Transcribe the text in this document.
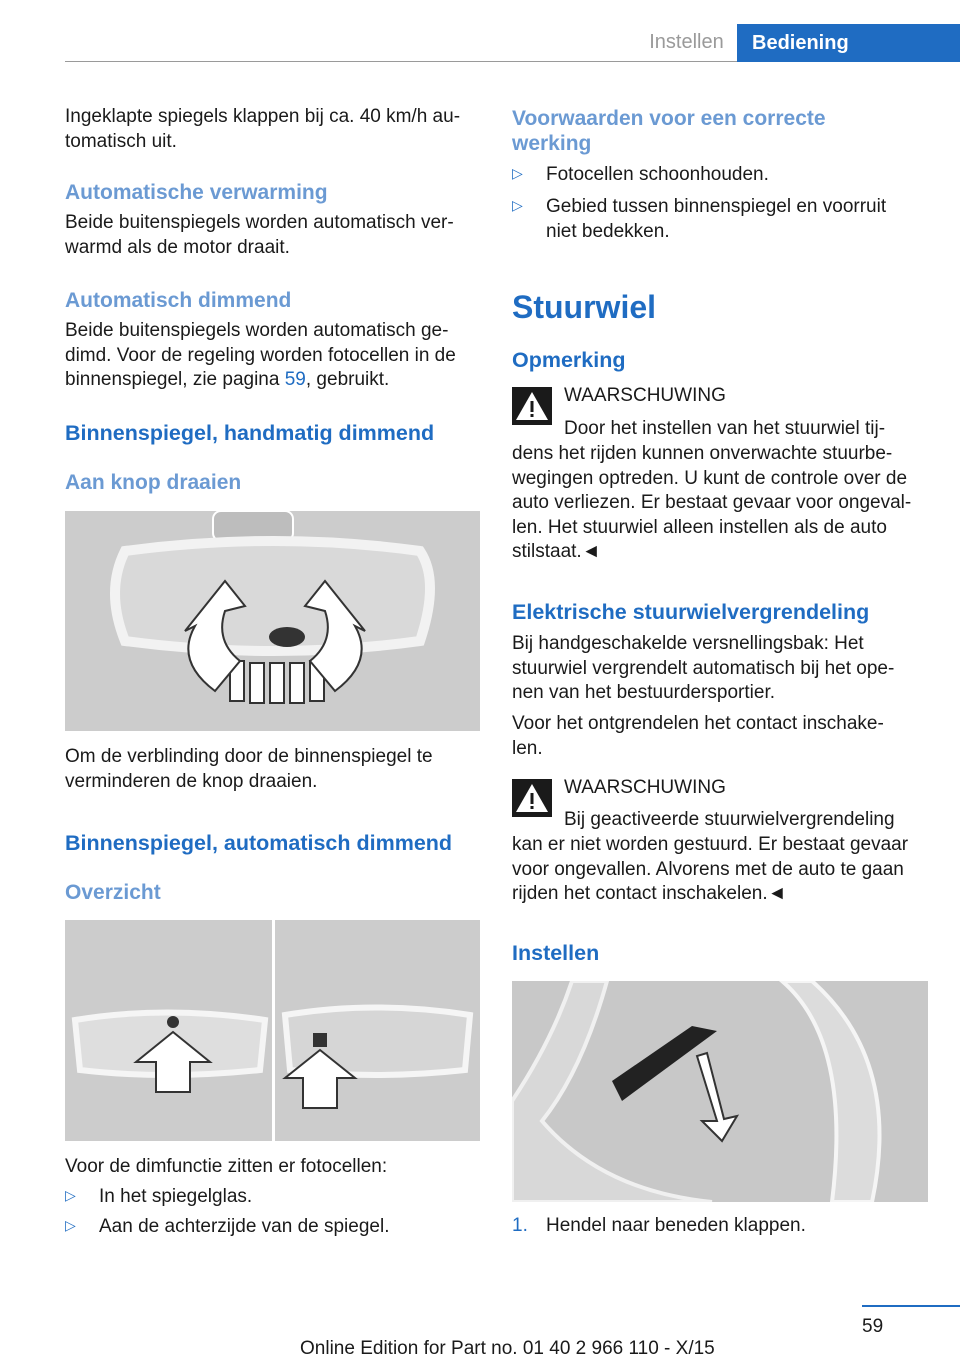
Instellen	Bediening
Ingeklapte spiegels klappen bij ca. 40 km/h au-
tomatisch uit.
Automatische verwarming
Beide buitenspiegels worden automatisch ver-
warmd als de motor draait.
Automatisch dimmend
Beide buitenspiegels worden automatisch ge-
dimd. Voor de regeling worden fotocellen in de
binnenspiegel, zie pagina 59, gebruikt.
Binnenspiegel, handmatig dimmend
Aan knop draaien
Om de verblinding door de binnenspiegel te
verminderen de knop draaien.
Binnenspiegel, automatisch dimmend
Overzicht
Voor de dimfunctie zitten er fotocellen:
▷ In het spiegelglas.
▷ Aan de achterzijde van de spiegel.
Voorwaarden voor een correcte
werking
▷ Fotocellen schoonhouden.
▷ Gebied tussen binnenspiegel en voorruit
niet bedekken.
Stuurwiel
Opmerking
WAARSCHUWING
Door het instellen van het stuurwiel tij-
dens het rijden kunnen onverwachte stuurbe-
wegingen optreden. U kunt de controle over de
auto verliezen. Er bestaat gevaar voor ongeval-
len. Het stuurwiel alleen instellen als de auto
stilstaat.◄
Elektrische stuurwielvergrendeling
Bij handgeschakelde versnellingsbak: Het
stuurwiel vergrendelt automatisch bij het ope-
nen van het bestuurdersportier.
Voor het ontgrendelen het contact inschake-
len.
WAARSCHUWING
Bij geactiveerde stuurwielvergrendeling
kan er niet worden gestuurd. Er bestaat gevaar
voor ongevallen. Alvorens met de auto te gaan
rijden het contact inschakelen.◄
Instellen
1. Hendel naar beneden klappen.
59
Online Edition for Part no. 01 40 2 966 110 - X/15
